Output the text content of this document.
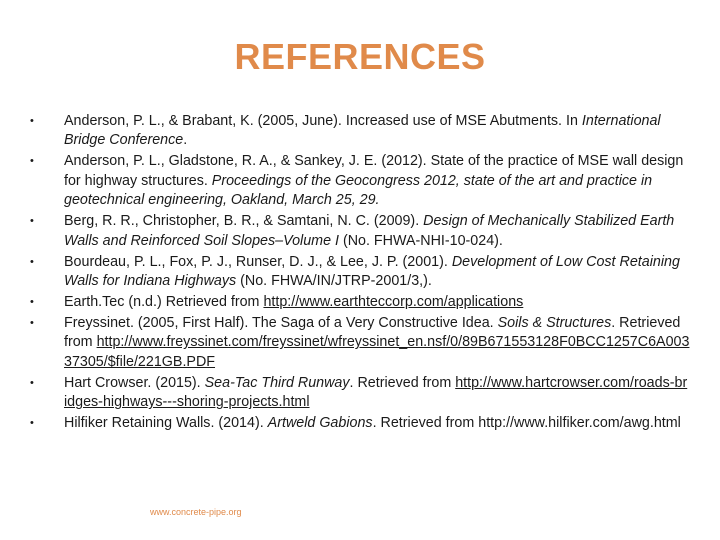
REFERENCES
•	Anderson, P. L., & Brabant, K. (2005, June). Increased use of MSE Abutments. In International Bridge Conference.
•	Anderson, P. L., Gladstone, R. A., & Sankey, J. E. (2012). State of the practice of MSE wall design for highway structures. Proceedings of the Geocongress 2012, state of the art and practice in geotechnical engineering, Oakland, March 25, 29.
•	Berg, R. R., Christopher, B. R., & Samtani, N. C. (2009). Design of Mechanically Stabilized Earth Walls and Reinforced Soil Slopes–Volume I (No. FHWA-NHI-10-024).
•	Bourdeau, P. L., Fox, P. J., Runser, D. J., & Lee, J. P. (2001). Development of Low Cost Retaining Walls for Indiana Highways (No. FHWA/IN/JTRP-2001/3,).
•	Earth.Tec (n.d.) Retrieved from http://www.earthteccorp.com/applications
•	Freyssinet. (2005, First Half). The Saga of a Very Constructive Idea. Soils & Structures. Retrieved from http://www.freyssinet.com/freyssinet/wfreyssinet_en.nsf/0/89B671553128F0BCC1257C6A00337305/$file/221GB.PDF
•	Hart Crowser. (2015). Sea-Tac Third Runway. Retrieved from http://www.hartcrowser.com/roads-bridges-highways---shoring-projects.html
•	Hilfiker Retaining Walls. (2014). Artweld Gabions. Retrieved from http://www.hilfiker.com/awg.html
www.concrete-pipe.org
